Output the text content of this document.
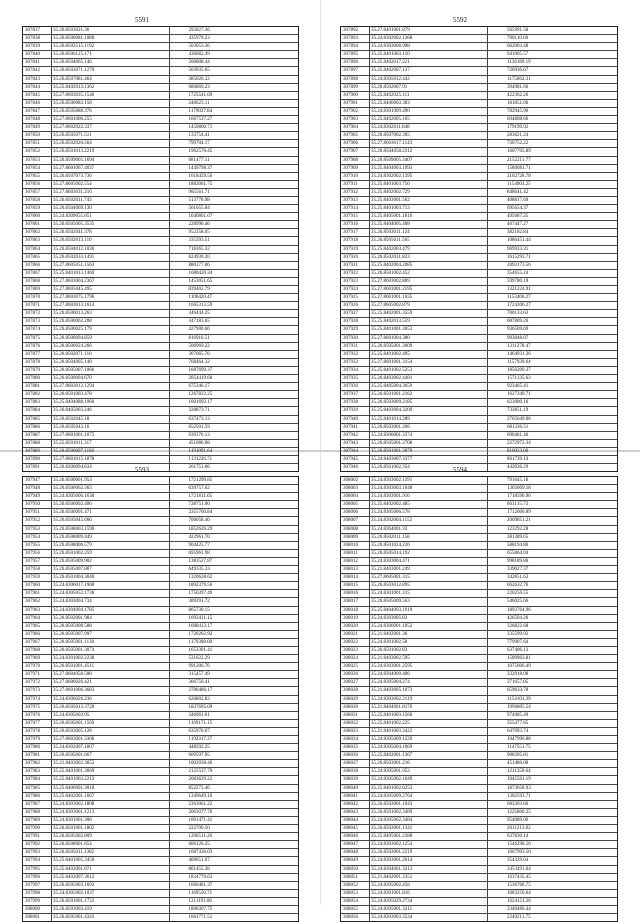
5591
307837	35.26.8503021.36	295827.36
307838	35.26.8500081.1080	435979.23
307839	35.26.8502515.1192	503053.36
307840	35.26.8506125.171	436682.49
307841	35.26.8504065.146	206808.44
307842	35.26.8503071.1270	563935.65
307843	35.26.8507081.464	385026.32
307844	35.25.8402013.1362	686869.23
307845	35.27.8603035.1546	1725541.69
307846	35.26.8500083.158	246623.11
307847	35.26.8505088.376	1179027.84
307848	35.27.8601006.255	1667537.27
307849	35.27.8602022.337	1450800.71
307850	35.26.8505071.511	133754.41
307851	35.26.8502020.564	799704.17
307852	35.26.8501013.2219	1962576.45
307853	35.26.8509005.1694	681477.11
307854	35.27.8601067.4037	1449798.37
307855	35.26.8507073.736	1618459.56
307856	35.27.8605002.554	1882061.75
307857	35.27.8603031.216	985561.71
307858	35.26.8502011.743	513778.98
307859	35.26.8504069.130	561655.84
307860	35.24.8309055.851	1640861.67
307861	35.26.8505005.3535	228996.46
307862	35.26.8502041.378	952358.05
307863	35.26.8502013.110	335393.51
307864	35.26.8504012.1036	718365.32
307865	35.26.8502033.1491	624930.20
307866	35.27.8605051.1563	880377.06
307867	35.25.8401013.1460	1680420.34
307868	35.27.8603004.2367	1453051.65
307869	35.27.8605045.495	839402.79
307870	35.27.8603075.1796	1106420.47
307871	35.27.8603013.1614	1665313.59
307872	35.26.8506013.263	346444.25
307873	35.26.8500062.208	347183.65
307874	35.26.8506025.179	427900.66
307875	35.26.8500094.859	816916.51
307876	35.26.8506024.266	506969.22
307877	35.26.8502071.110	307665.76
307878	35.26.8504005.148	768464.32
307879	35.26.8505007.1066	1687699.37
307880	35.26.8500094.670	2054419.60
307881	35.27.8603012.1294	675346.17
307882	35.26.8501003.478	1267822.25
307883	35.25.8404088.1060	1601693.17
307884	35.26.8405003.246	328873.71
307885	35.26.8502045.18	637473.13
307886	35.26.8505043.16	652501.59
307887	35.27.8601001.1075	939376.13
307888	35.25.8501011.317	451086.68
307889	35.26.8500007.1182	1191091.64
307890	35.27.8601015.1878	1131226.71
307891	35.26.8200094.634	261751.66
5592
307892	35.27.8401001.879	565991.58
307893	35.24.8302002.1368	700110.60
307894	35.24.8303008.998	662003.48
307895	35.25.8401003.150	941005.57
307896	35.25.8402017.221	1136189.19
307897	35.25.8402007.137	726936.67
307898	35.24.8305012.442	1175662.31
307899	35.26.8502007.91	394981.66
307900	35.25.8402025.111	422362.26
307901	35.25.8406003.383	181851.06
307902	35.24.8301009.490	782945.96
307903	35.25.8402005.165	694808.66
307904	35.24.8302011.848	179199.92
307905	35.26.8507002.305	283621.24
307906	35.27.8603017.1143	730752.22
307907	35.26.8504058.2312	1607705.89
307908	35.26.8509005.3407	2152211.77
307909	35.25.8404003.1093	1580081.71
307910	35.24.8302002.1395	2102728.78
307911	35.25.8401003.750	1154003.25
307912	35.25.8402002.729	848641.42
307913	35.25.8403001.562	408817.69
307914	35.25.8401003.713	695654.37
307915	35.25.8405001.1010	495687.25
307916	35.25.8404005.408	467447.27
307917	35.26.8503011.124	382182.84
307918	35.26.8505011.565	1086451.44
307919	35.25.8402003.479	969933.31
307920	35.26.8502031.823	1615293.71
307921	35.25.8402004.2085	2093173.56
307922	35.26.8501002.452	354655.24
307923	35.27.8603002.869	599780.19
307924	35.27.8603001.2595	1321224.91
307925	35.27.8601001.1035	1153406.27
307926	35.27.8605002.879	1724306.27
307927	35.25.8402001.3559	700133.63
307928	35.25.8402013.559	687809.26
307929	35.25.8401001.3653	936569.69
307930	35.27.8601004.380	903848.07
307931	35.26.8505001.3009	1311278.47
307932	35.25.8401002.495	1464931.36
307933	35.27.8601001.3154	1157939.64
307934	35.25.8401002.5253	1856209.37
307935	35.26.8403002.4481	1571135.63
307936	35.25.8405004.3659	923465.41
307937	35.26.8501001.2162	1627349.71
307938	35.26.8503009.2185	623000.16
307939	35.25.8403004.3209	733851.19
307940	35.25.8401014.289	2765649.06
307941	35.26.8503001.266	681336.51
307942	35.24.8306001.3374	690461.46
307943	35.26.8505001.2708	2272972.34
307944	35.26.8501001.3079	816023.06
307945	35.24.8403007.3377	861739.14
307946	35.26.8501002.354	442036.29
5593
307947	35.26.8500001.953	1721299.85
307948	35.26.8506062.363	639757.62
307949	35.24.8305006.1630	1721811.65
307950	35.26.8506002.406	738751.00
307951	35.26.8506001.471	2355760.84
307952	35.26.8505045.666	706058.46
307953	35.26.8508003.1590	1852626.29
307954	35.26.8508009.449	422961.70
307955	35.26.8508006.579	904425.77
307956	35.26.8501002.259	695961.98
307957	35.26.8505009.902	1383527.87
307958	35.26.8505007.887	649335.33
307959	35.26.8501004.3040	1320628.62
307960	35.24.8306017.1908	1892379.56
307961	35.24.8305052.1736	1756397.49
307962	35.24.8303004.734	389391.72
307963	35.24.8304004.1785	865730.15
307964	35.26.8502001.984	1693411.15
307965	35.26.8505008.588	1608413.17
307966	35.26.8505007.997	1720262.92
307967	35.26.8505001.1130	1179308.00
307968	35.26.8505001.3074	1653301.41
307969	35.24.8301002.2238	531622.29
307970	35.26.8501001.4511	991206.76
307971	35.27.8604058.508	315457.49
307972	35.27.8606026.421	366756.41
307973	35.27.8601006.3683	2706486.17
307974	35.24.8306026.236	626802.82
307975	35.26.8505013.3728	1837695.09
307976	35.24.8305003.95	346061.01
307977	35.26.8505001.1569	1169171.15
307978	35.26.8503005.128	635976.67
307979	35.27.8603001.3306	1192317.37
307980	35.24.8302007.1807	448592.25
307981	35.26.8505001.667	609597.95
307982	35.21.8403002.3653	1002038.46
307983	35.25.8401001.3669	2125537.79
307984	35.25.8401003.2213	2083639.22
307985	35.25.8406001.3018	852273.46
307986	35.25.8402001.1667	1349649.10
307987	35.24.8303002.1808	2363061.22
307988	35.24.8303001.1213	2063077.76
307989	35.24.8301001.308	1001471.41
307990	35.26.8501001.1802	222700.50
307991	35.26.8505002.809	1206511.26
307992	35.26.8508001.854	606126.25
307993	35.26.8505011.1382	1687436.03
307994	35.25.8401005.3450	409651.67
307995	35.25.8402001.671	861455.38
307996	35.25.8402007.3612	1834770.63
307997	35.26.8505003.1692	1606481.37
307998	35.24.8305002.1037	1169550.71
307999	35.26.8501001.1722	1211191.06
308000	35.26.8503003.419	1806307.75
308001	35.26.8505001.4343	1661771.51
5594
308002	35.24.8303002.1391	791645.18
308003	35.24.8303003.1048	1303069.18
308004	35.24.8303001.916	1718590.96
308005	35.25.8402002.485	663115.73
308006	35.24.8305006.578	1712600.89
308007	35.24.8302004.1152	2069851.21
308008	35.24.8304001.33	123292.28
308009	35.26.8502011.158	381389.65
308010	35.26.8501024.226	588194.86
308011	35.26.8505014.192	655864.04
308012	35.24.8303004.471	998189.86
308013	35.21.8403001.249	339027.37
308014	35.27.8605001.315	342851.63
308015	35.26.8503012.895	662632.76
308016	35.24.8301001.315	220256.55
308017	35.26.8505009.563	546025.66
308018	35.25.8404003.1919	1893764.96
308019	35.24.8303005.83	426504.26
308020	35.24.8306001.1052	326822.68
308021	35.21.8402001.36	235599.92
308022	35.24.8301002.58	779907.64
308023	35.26.8501002.83	637406.13
308024	35.21.8403002.595	1589963.81
308025	35.24.8303001.2595	1075606.49
308026	35.24.8304009.486	332918.08
308027	35.24.8305004.274	371657.05
308028	35.21.8403005.1073	659633.78
308029	35.24.8303002.2119	1154101.39
308030	35.21.8404001.8176	1996805.54
308031	35.25.8401003.1560	974085.49
308032	35.25.8401002.225	355477.85
308033	35.21.8401003.3422	647093.74
308034	35.24.8305009.1229	1047996.88
308035	35.24.8305004.1069	1147551.75
308036	35.25.8402001.1367	908395.81
308037	35.26.8503001.216	451486.08
308038	35.24.8305001.952	1211250.64
308039	35.24.8305002.1049	1045561.19
308040	35.25.8401002.6253	1873658.93
308041	35.24.8305009.2764	1302593.71
308042	35.26.8503001.1043	683303.66
308043	35.26.8501002.3489	1225800.25
308044	35.24.8305002.3484	954089.06
308045	35.26.8503001.1341	2011213.02
308046	35.25.8405001.2388	637830.14
308047	35.24.8303002.1254	1546298.56
308048	35.26.8503001.2219	1007993.50
308049	35.24.8303001.2014	354329.64
308050	35.24.8304001.3213	2453491.04
308051	35.21.8402001.3351	1637435.45
308052	35.24.8305002.458	1536768.75
308053	35.24.8301001.816	1083250.64
308054	35.24.8305029.2734	1624151.26
308055	35.24.8305001.3211	2340486.44
308056	35.24.8303003.3534	2249211.75
